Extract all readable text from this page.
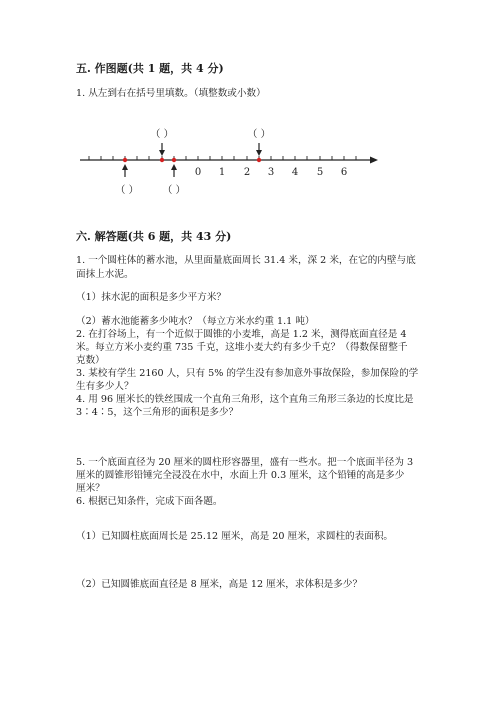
五. 作图题(共 1 题，共 4 分)
1. 从左到右在括号里填数。（填整数或小数）
（ ）	（ ）
（ ） （ ）
0 1 2 3 4 5 6
六. 解答题(共 6 题，共 43 分)
1. 一个圆柱体的蓄水池，从里面量底面周长 31.4 米，深 2 米，在它的内壁与底
面抹上水泥。
（1）抹水泥的面积是多少平方米？
（2）蓄水池能蓄多少吨水？（每立方米水约重 1.1 吨）
2. 在打谷场上，有一个近似于圆锥的小麦堆，高是 1.2 米，测得底面直径是 4
米。每立方米小麦约重 735 千克，这堆小麦大约有多少千克？（得数保留整千
克数）
3. 某校有学生 2160 人，只有 5% 的学生没有参加意外事故保险，参加保险的学
生有多少人？
4. 用 96 厘米长的铁丝围成一个直角三角形，这个直角三角形三条边的长度比是
3∶4∶5，这个三角形的面积是多少？
5. 一个底面直径为 20 厘米的圆柱形容器里，盛有一些水。把一个底面半径为 3
厘米的圆锥形铅锤完全浸没在水中，水面上升 0.3 厘米，这个铅锤的高是多少
厘米？
6. 根据已知条件，完成下面各题。
（1）已知圆柱底面周长是 25.12 厘米，高是 20 厘米，求圆柱的表面积。
（2）已知圆锥底面直径是 8 厘米，高是 12 厘米，求体积是多少？
